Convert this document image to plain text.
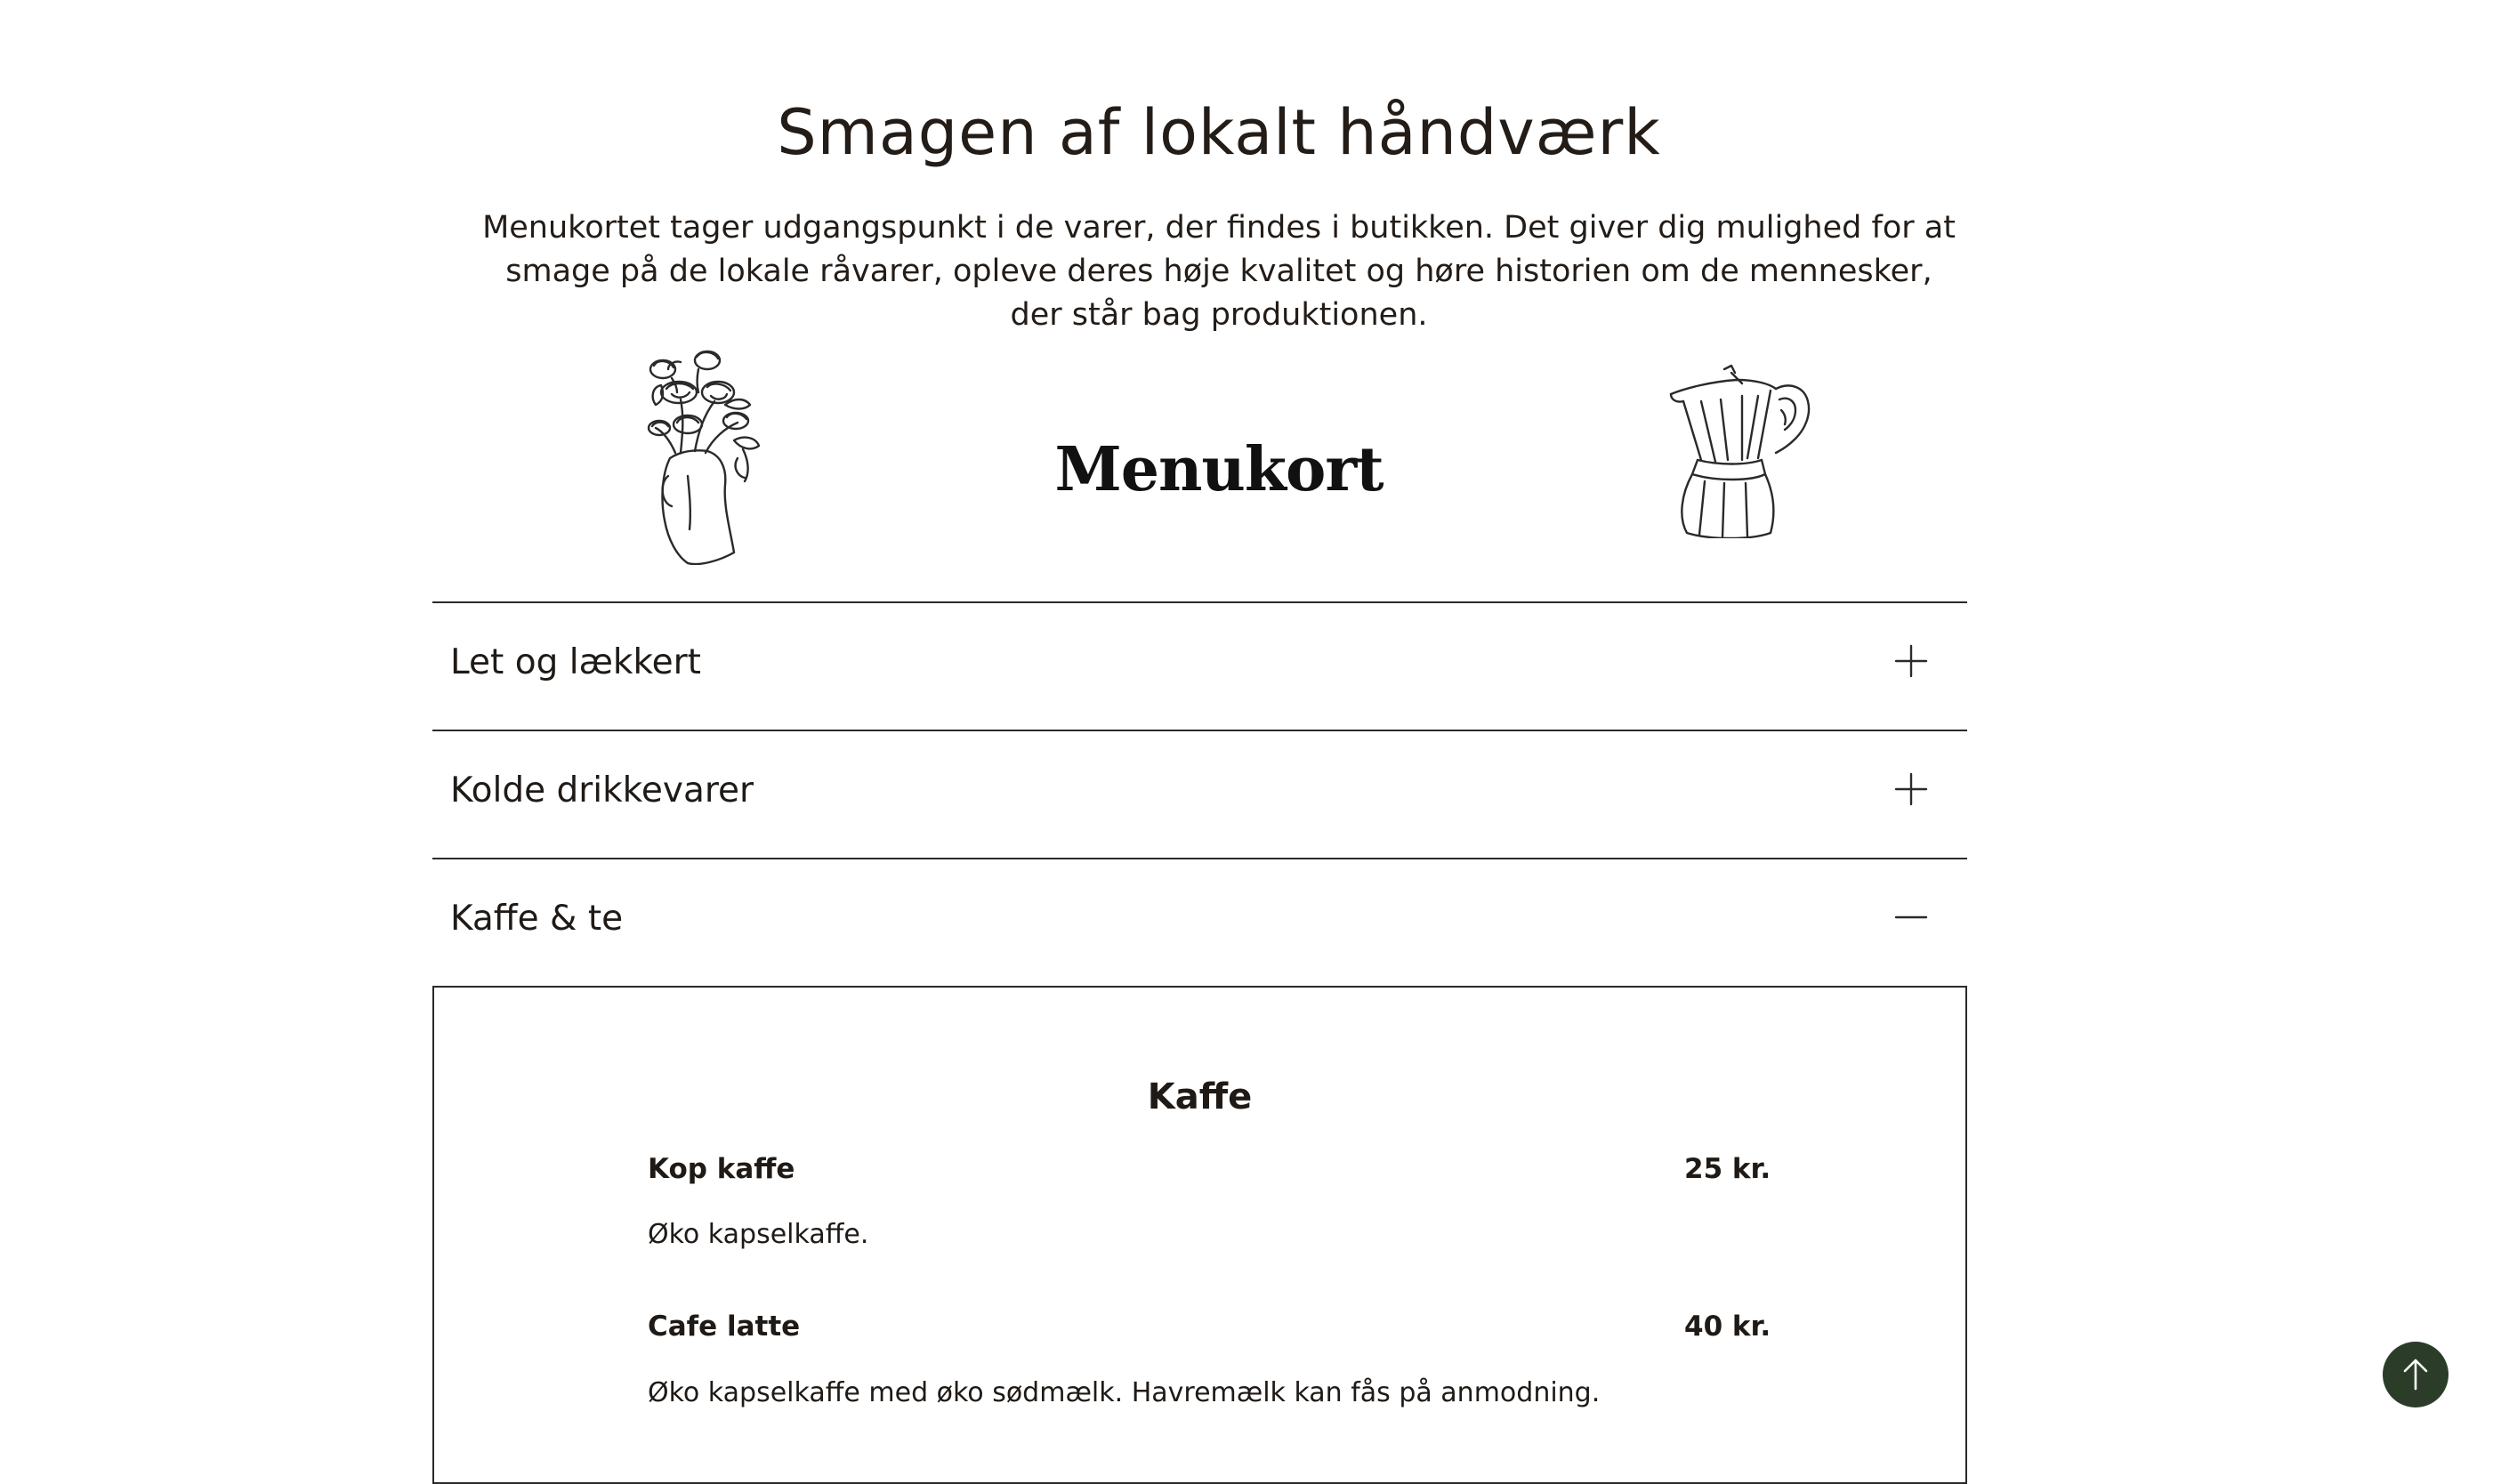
Smagen af lokalt håndværk

Menukortet tager udgangspunkt i de varer, der findes i butikken. Det giver dig mulighed for at smage på de lokale råvarer, opleve deres høje kvalitet og høre historien om de mennesker, der står bag produktionen.

Menukort
Let og lækkert
Kolde drikkevarer
Kaffe & te
Kaffe
Kop kaffe	25 kr.
Øko kapselkaffe.
Cafe latte	40 kr.
Øko kapselkaffe med øko sødmælk. Havremælk kan fås på anmodning.
